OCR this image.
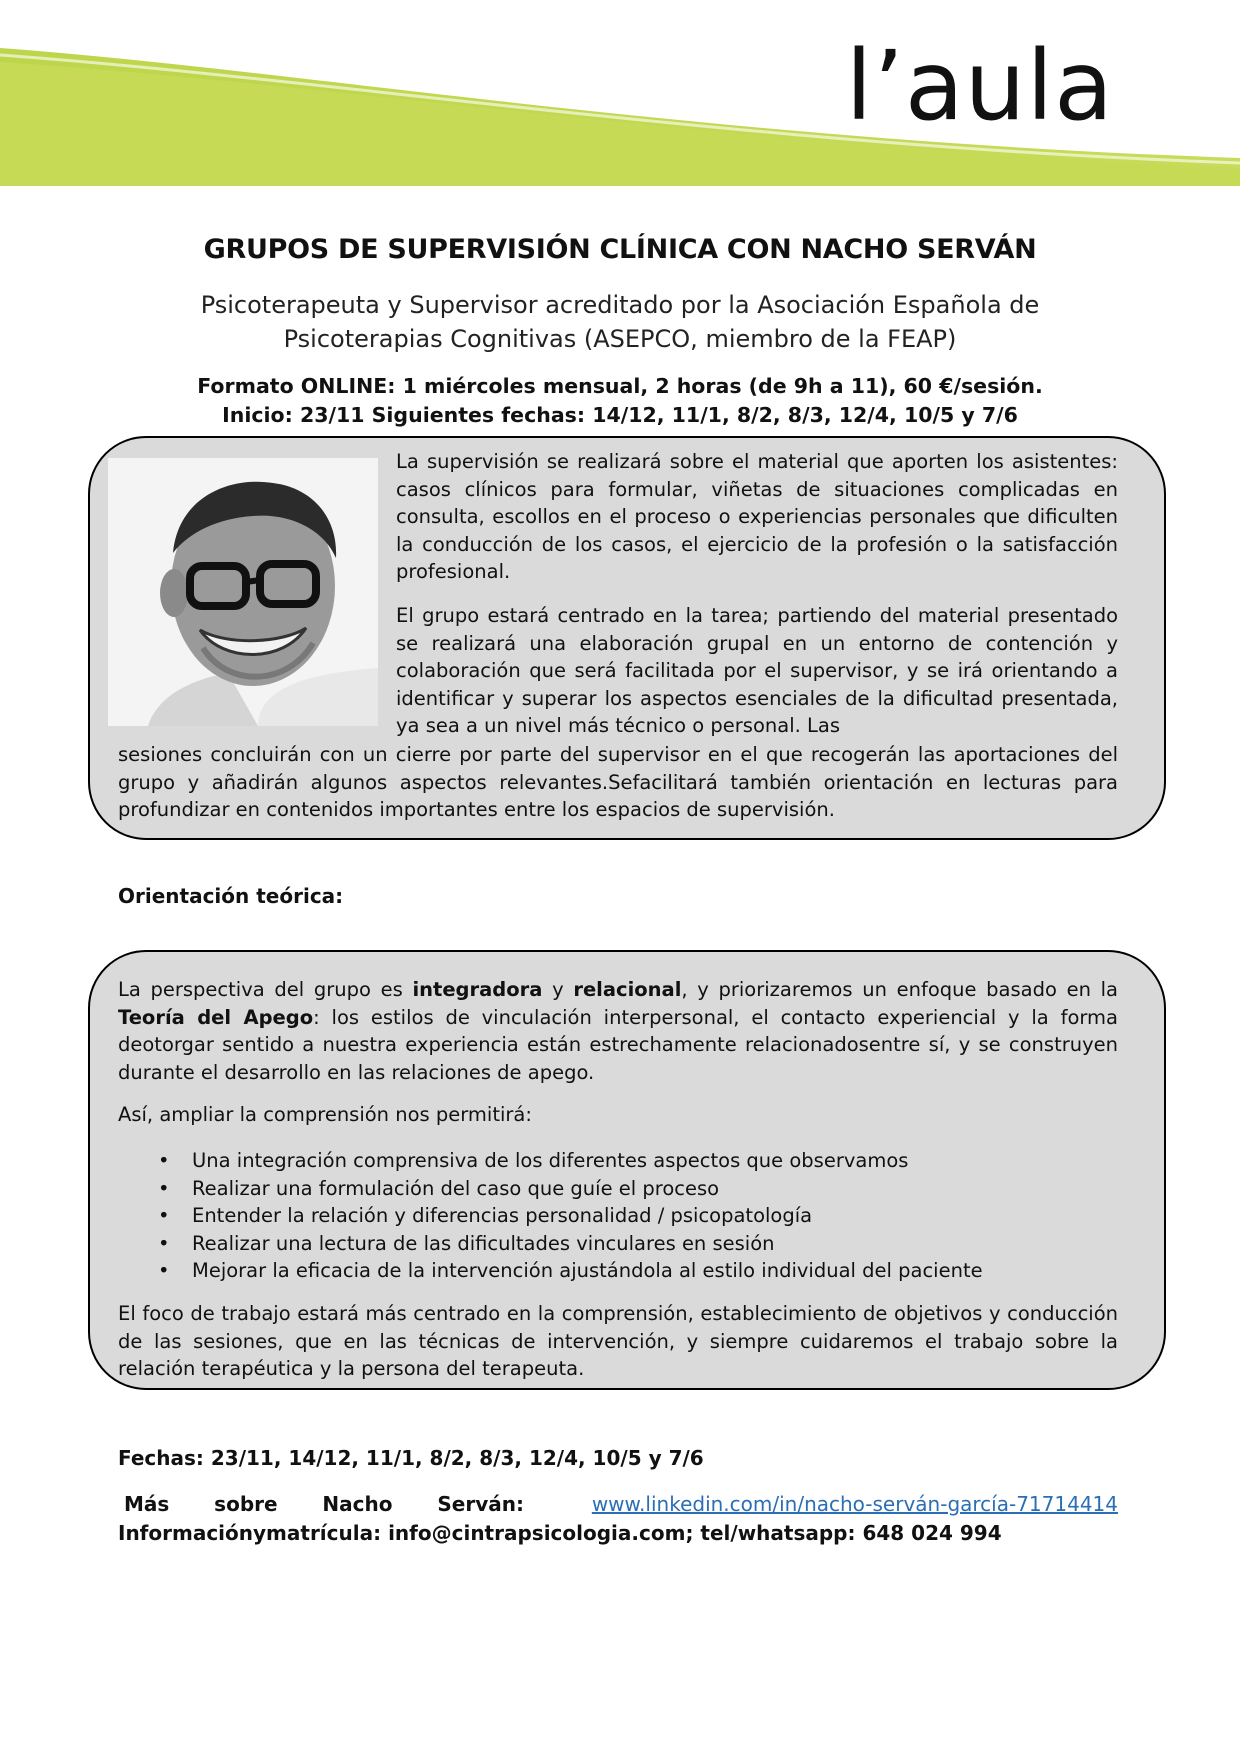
l’aula
GRUPOS DE SUPERVISIÓN CLÍNICA CON NACHO SERVÁN
Psicoterapeuta y Supervisor acreditado por la Asociación Española de
Psicoterapias Cognitivas (ASEPCO, miembro de la FEAP)
Formato ONLINE: 1 miércoles mensual, 2 horas (de 9h a 11), 60 €/sesión.
Inicio: 23/11 Siguientes fechas: 14/12, 11/1, 8/2, 8/3, 12/4, 10/5 y 7/6

La supervisión se realizará sobre el material que aporten los asistentes: casos clínicos para formular, viñetas de situaciones complicadas en consulta, escollos en el proceso o experiencias personales que dificulten la conducción de los casos, el ejercicio de la profesión o la satisfacción profesional.

El grupo estará centrado en la tarea; partiendo del material presentado se realizará una elaboración grupal en un entorno de contención y colaboración que será facilitada por el supervisor, y se irá orientando a identificar y superar los aspectos esenciales de la dificultad presentada, ya sea a un nivel más técnico o personal. Las

sesiones concluirán con un cierre por parte del supervisor en el que recogerán las aportaciones del grupo y añadirán algunos aspectos relevantes.Sefacilitará también orientación en lecturas para profundizar en contenidos importantes entre los espacios de supervisión.

Orientación teórica:

La perspectiva del grupo es integradora y relacional, y priorizaremos un enfoque basado en la Teoría del Apego: los estilos de vinculación interpersonal, el contacto experiencial y la forma deotorgar sentido a nuestra experiencia están estrechamente relacionadosentre sí, y se construyen durante el desarrollo en las relaciones de apego.

Así, ampliar la comprensión nos permitirá:

• Una integración comprensiva de los diferentes aspectos que observamos
• Realizar una formulación del caso que guíe el proceso
• Entender la relación y diferencias personalidad / psicopatología
• Realizar una lectura de las dificultades vinculares en sesión
• Mejorar la eficacia de la intervención ajustándola al estilo individual del paciente

El foco de trabajo estará más centrado en la comprensión, establecimiento de objetivos y conducción de las sesiones, que en las técnicas de intervención, y siempre cuidaremos el trabajo sobre la relación terapéutica y la persona del terapeuta.

Fechas: 23/11, 14/12, 11/1, 8/2, 8/3, 12/4, 10/5 y 7/6

Más sobre Nacho Serván:	www.linkedin.com/in/nacho-serván-garcía-71714414

Informaciónymatrícula: info@cintrapsicologia.com; tel/whatsapp: 648 024 994
